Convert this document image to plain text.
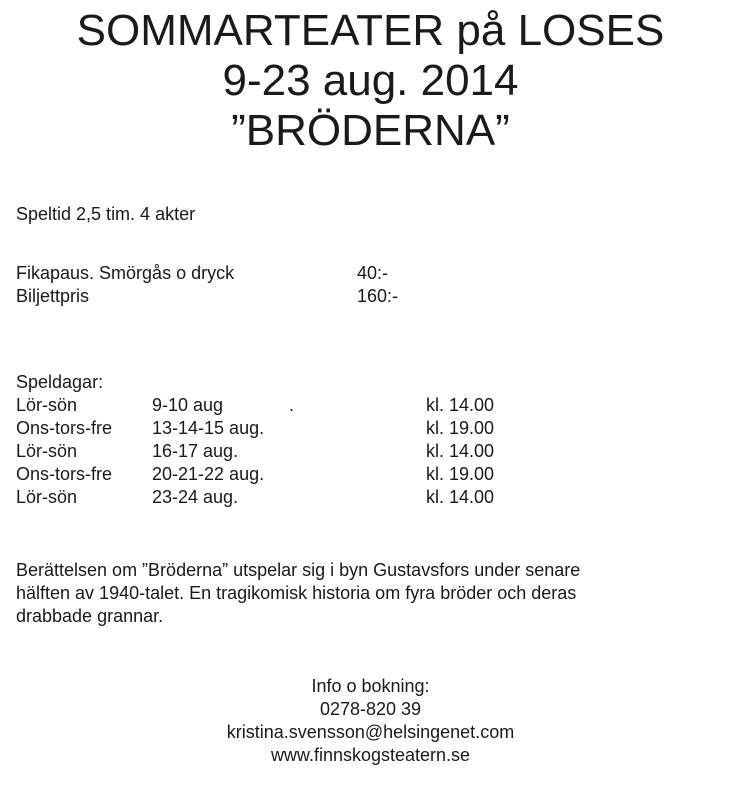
SOMMARTEATER på LOSES
9-23 aug. 2014
”BRÖDERNA”
Speltid 2,5 tim. 4 akter
Fikapaus. Smörgås o dryck	40:-
Biljettpris	160:-
Speldagar:
Lör-sön	9-10 aug	.	kl. 14.00
Ons-tors-fre 13-14-15 aug.	kl. 19.00
Lör-sön	16-17 aug.	kl. 14.00
Ons-tors-fre 20-21-22 aug.	kl. 19.00
Lör-sön	23-24 aug.	kl. 14.00
Berättelsen om ”Bröderna” utspelar sig i byn Gustavsfors under senare
hälften av 1940-talet. En tragikomisk historia om fyra bröder och deras
drabbade grannar.
Info o bokning:
0278-820 39
kristina.svensson@helsingenet.com
www.finnskogsteatern.se
